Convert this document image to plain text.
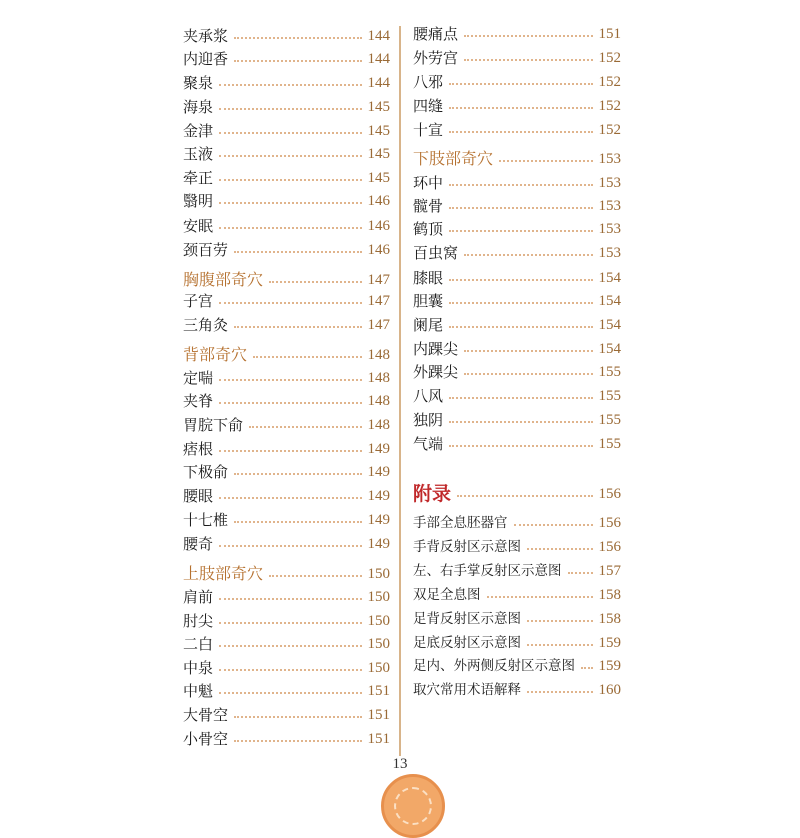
夹承浆	144
内迎香	144
聚泉	144
海泉	145
金津	145
玉液	145
牵正	145
翳明	146
安眠	146
颈百劳	146
胸腹部奇穴	147
子宫	147
三角灸	147
背部奇穴	148
定喘	148
夹脊	148
胃脘下俞	148
痞根	149
下极俞	149
腰眼	149
十七椎	149
腰奇	149
上肢部奇穴	150
肩前	150
肘尖	150
二白	150
中泉	150
中魁	151
大骨空	151
小骨空	151
腰痛点	151
外劳宫	152
八邪	152
四缝	152
十宣	152
下肢部奇穴	153
环中	153
髋骨	153
鹤顶	153
百虫窝	153
膝眼	154
胆囊	154
阑尾	154
内踝尖	154
外踝尖	155
八风	155
独阴	155
气端	155
附录	156
手部全息胚器官	156
手背反射区示意图	156
左、右手掌反射区示意图 157
双足全息图	158
足背反射区示意图	158
足底反射区示意图	159
足内、外两侧反射区示意图 159
取穴常用术语解释	160
13
